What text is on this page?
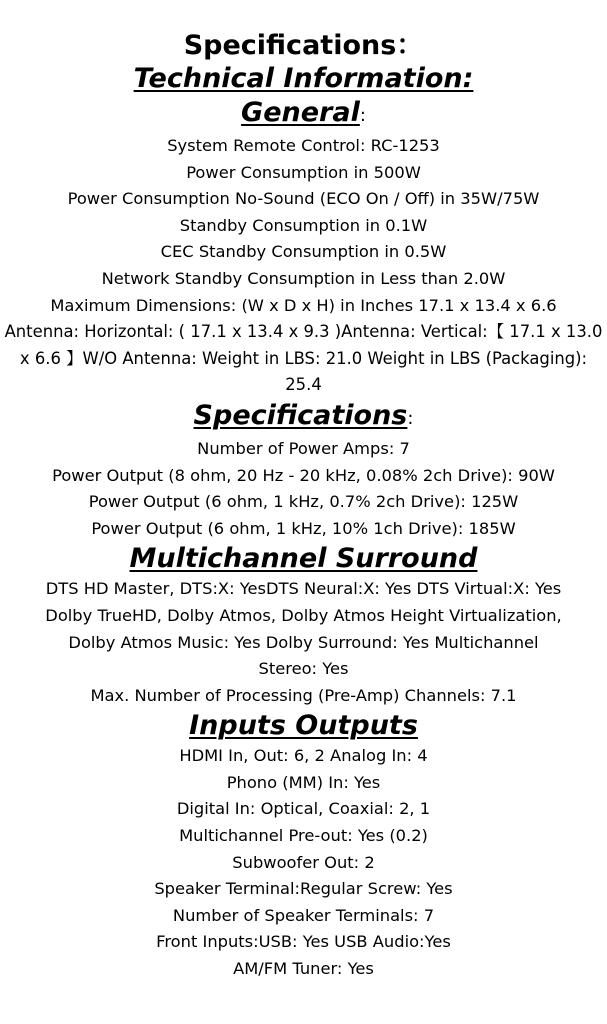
Specifications：
Technical Information:
General:
System Remote Control: RC-1253
Power Consumption in 500W
Power Consumption No-Sound (ECO On / Off) in 35W/75W
Standby Consumption in 0.1W
CEC Standby Consumption in 0.5W
Network Standby Consumption in Less than 2.0W
Maximum Dimensions: (W x D x H) in Inches 17.1 x 13.4 x 6.6
Antenna: Horizontal: ( 17.1 x 13.4 x 9.3 )Antenna: Vertical:【 17.1 x 13.0 x 6.6 】W/O Antenna: Weight in LBS: 21.0 Weight in LBS (Packaging): 25.4
Specifications:
Number of Power Amps: 7
Power Output (8 ohm, 20 Hz - 20 kHz, 0.08% 2ch Drive): 90W
Power Output (6 ohm, 1 kHz, 0.7% 2ch Drive): 125W
Power Output (6 ohm, 1 kHz, 10% 1ch Drive): 185W
Multichannel Surround
DTS HD Master, DTS:X: YesDTS Neural:X: Yes DTS Virtual:X: Yes
Dolby TrueHD, Dolby Atmos, Dolby Atmos Height Virtualization,
Dolby Atmos Music: Yes Dolby Surround: Yes Multichannel
Stereo: Yes
Max. Number of Processing (Pre-Amp) Channels: 7.1
Inputs Outputs
HDMI In, Out: 6, 2 Analog In: 4
Phono (MM) In: Yes
Digital In: Optical, Coaxial: 2, 1
Multichannel Pre-out: Yes (0.2)
Subwoofer Out: 2
Speaker Terminal:Regular Screw: Yes
Number of Speaker Terminals: 7
Front Inputs:USB: Yes USB Audio:Yes
AM/FM Tuner: Yes
